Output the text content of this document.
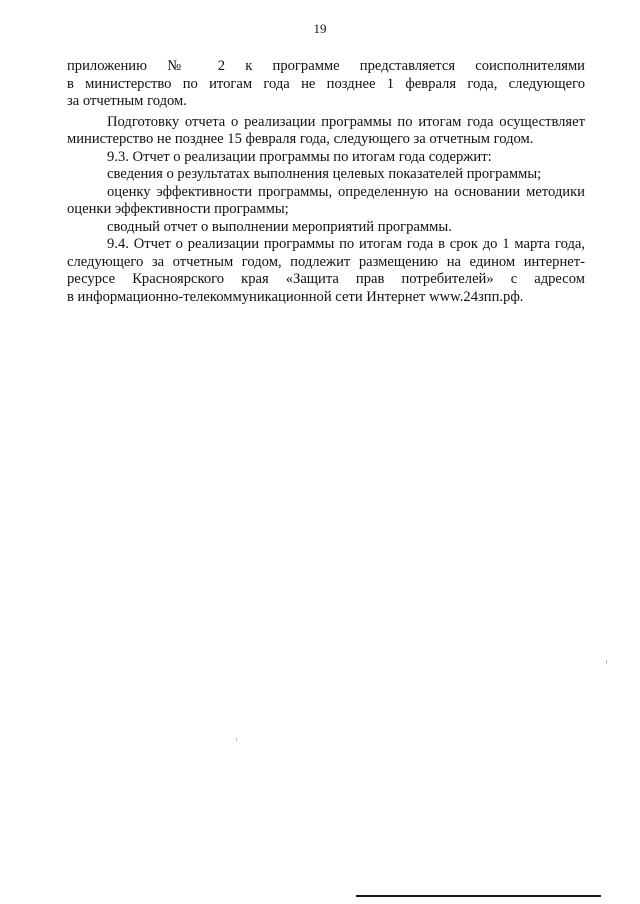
19
приложению № 2 к программе представляется соисполнителями
в министерство по итогам года не позднее 1 февраля года, следующего
за отчетным годом.
Подготовку отчета о реализации программы по итогам года осуществляет
министерство не позднее 15 февраля года, следующего за отчетным годом.
9.3. Отчет о реализации программы по итогам года содержит:
сведения о результатах выполнения целевых показателей программы;
оценку эффективности программы, определенную на основании методики
оценки эффективности программы;
сводный отчет о выполнении мероприятий программы.
9.4. Отчет о реализации программы по итогам года в срок до 1 марта года,
следующего за отчетным годом, подлежит размещению на едином интернет-
ресурсе Красноярского края «Защита прав потребителей» с адресом
в информационно-телекоммуникационной сети Интернет www.24зпп.рф.
